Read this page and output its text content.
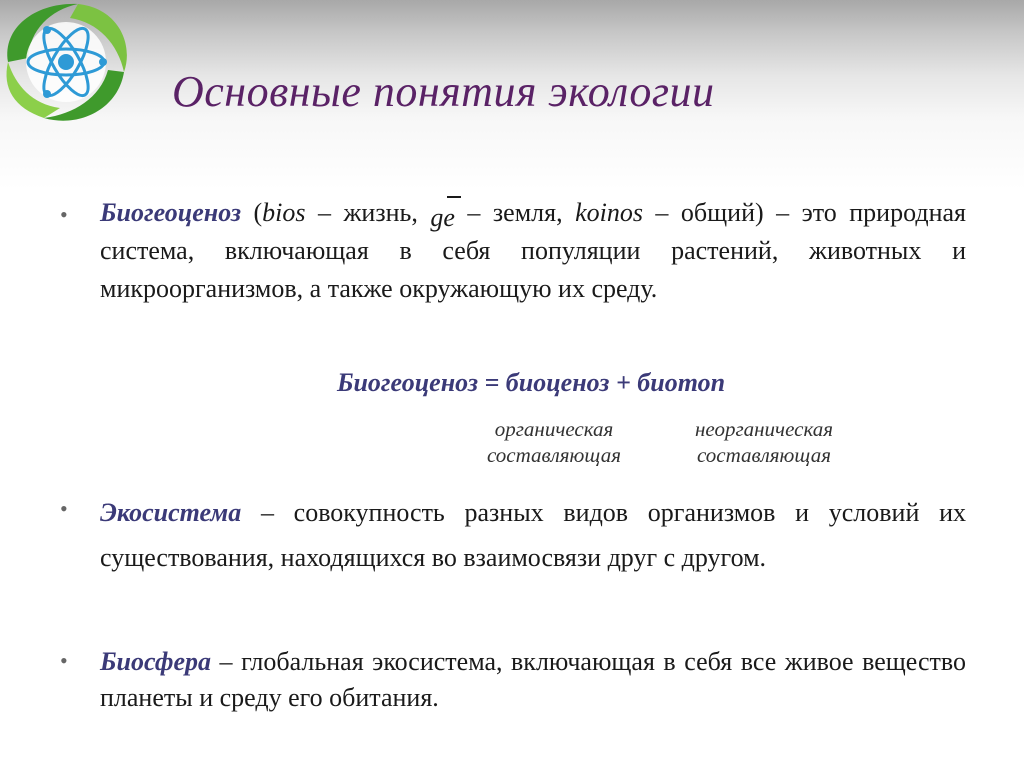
Основные понятия экологии
• Биогеоценоз (bios – жизнь, ge – земля, koinos – общий) – это природная система, включающая в себя популяции растений, животных и микроорганизмов, а также окружающую их среду.

Биогеоценоз = биоценоз + биотоп

органическая
составляющая
неорганическая
составляющая
• Экосистема – совокупность разных видов организмов и условий их существования, находящихся во взаимосвязи друг с другом.

• Биосфера – глобальная экосистема, включающая в себя все живое вещество планеты и среду его обитания.
